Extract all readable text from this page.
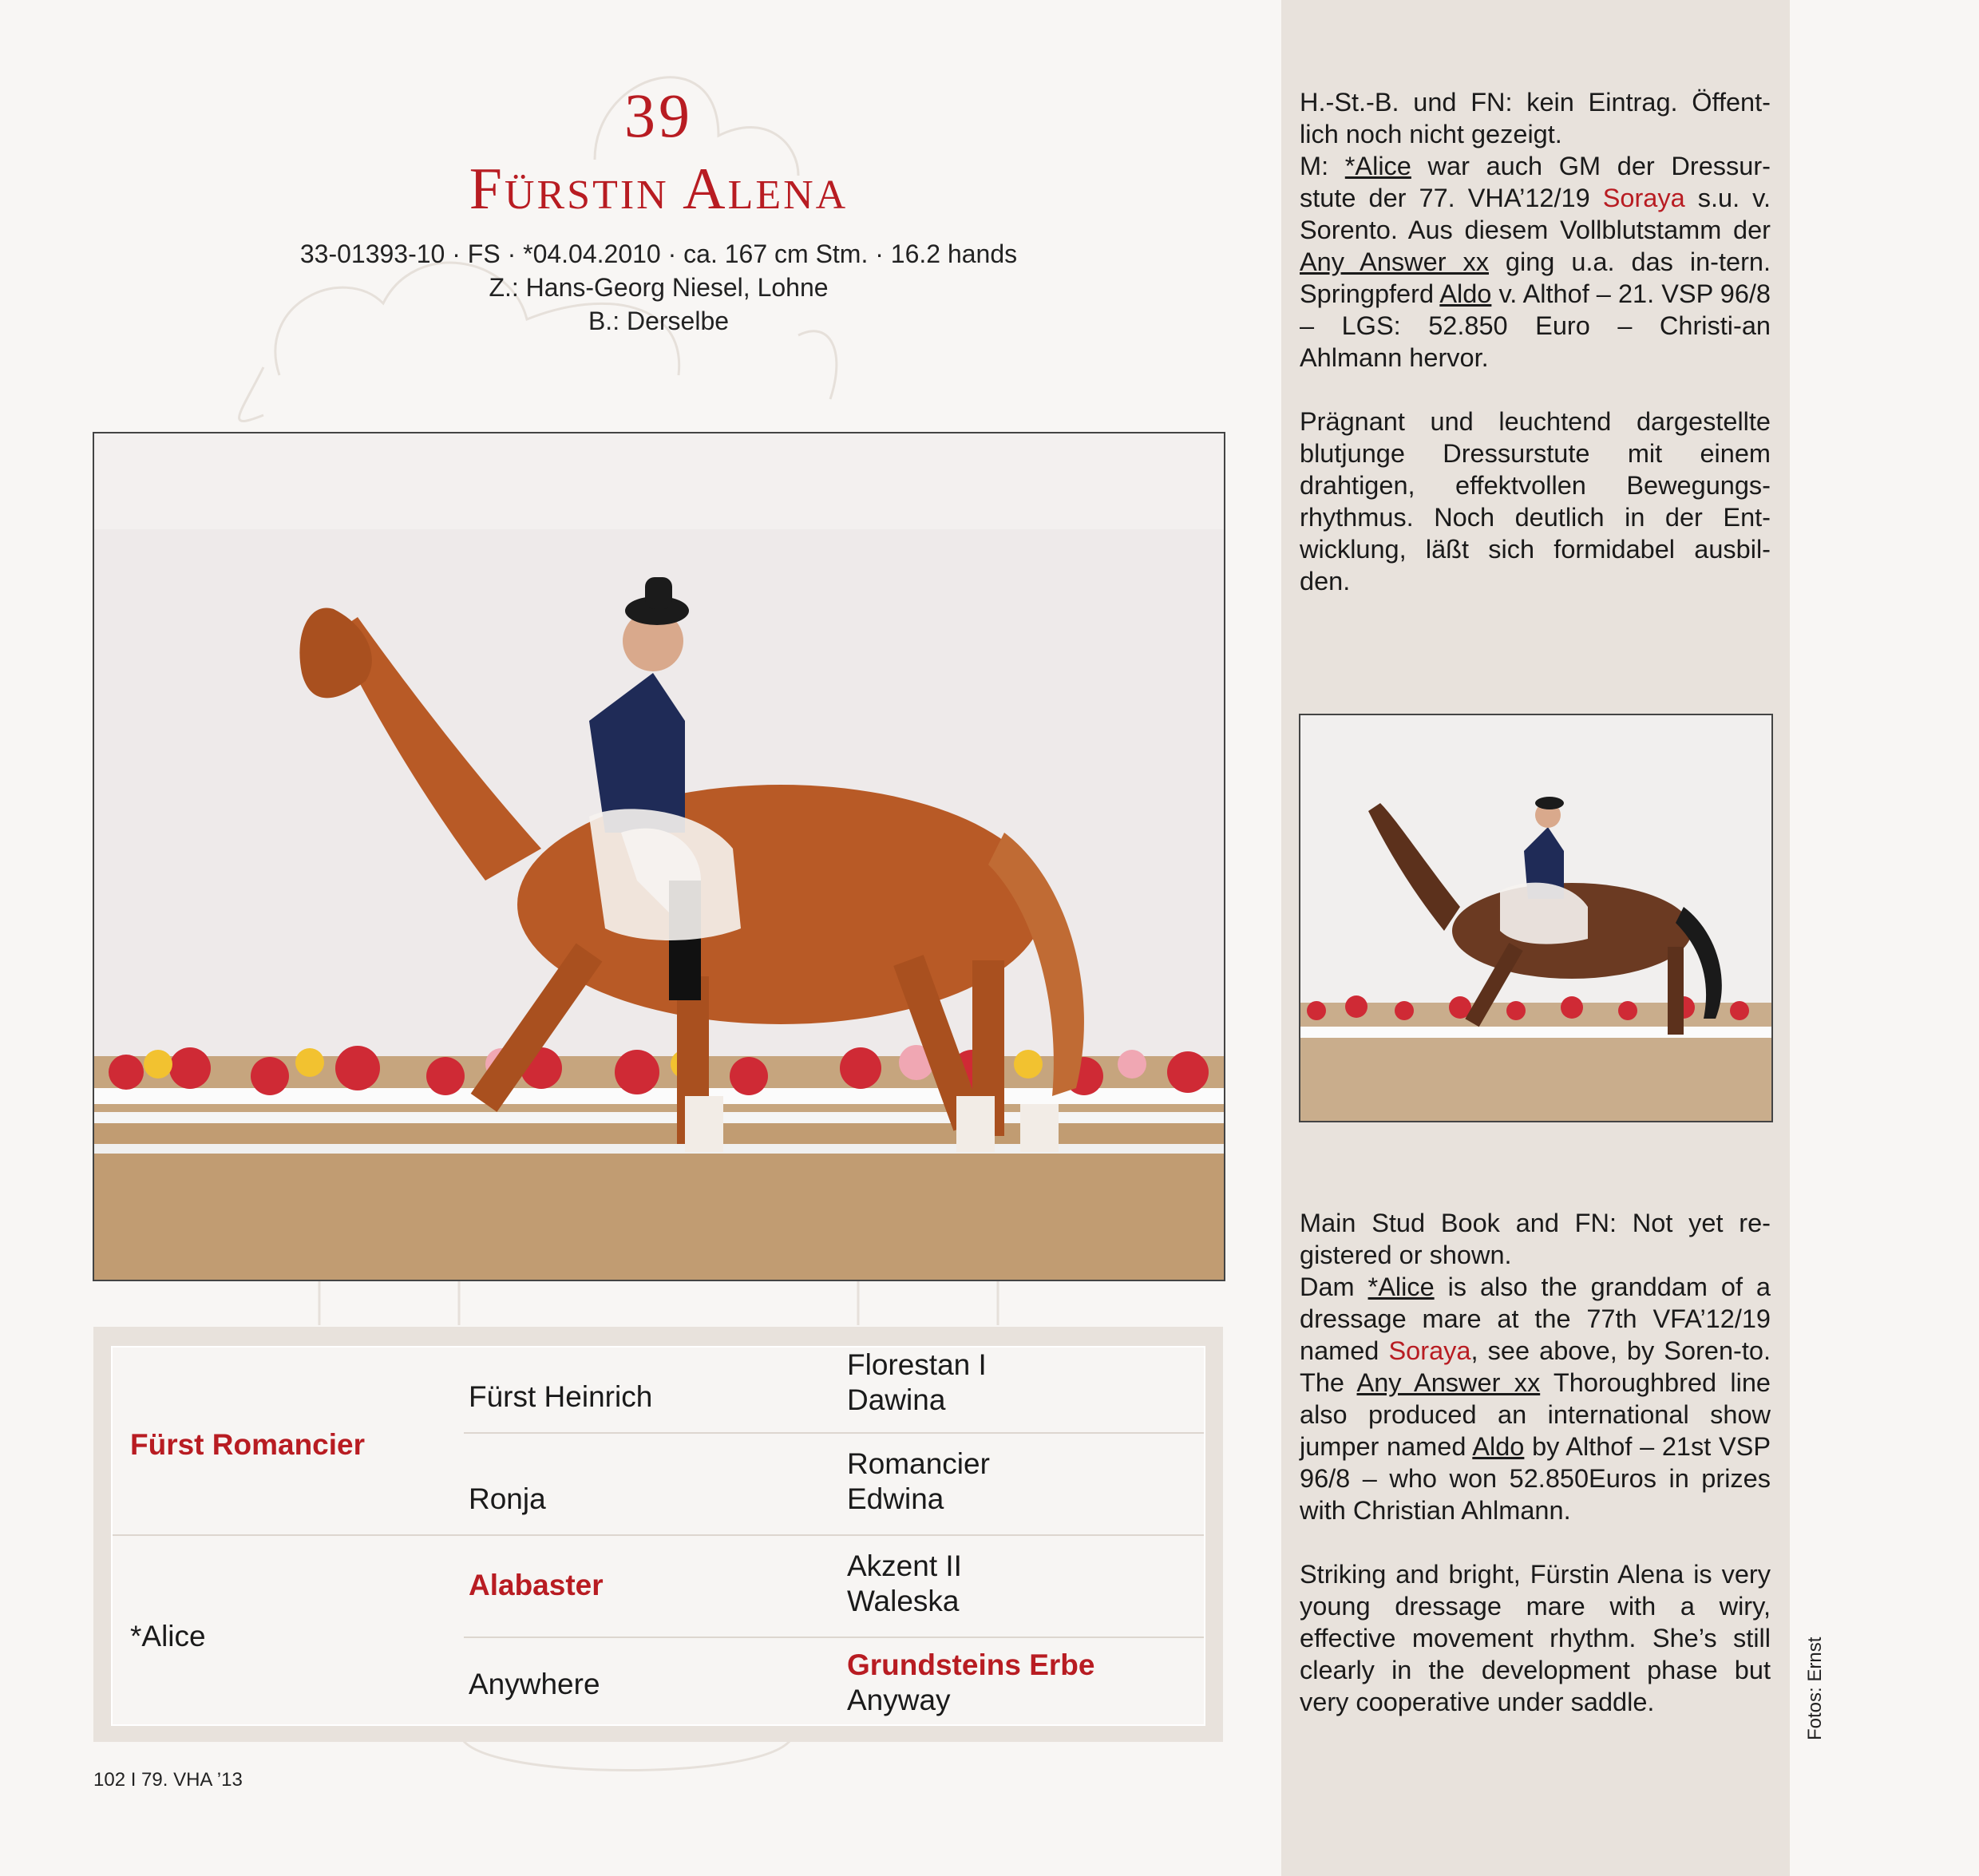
39
Fürstin Alena
33-01393-10 · FS · *04.04.2010 · ca. 167 cm Stm. · 16.2 hands
Z.: Hans-Georg Niesel, Lohne
B.: Derselbe
Fürst Romancier
Fürst Heinrich
Florestan I
Dawina
Ronja
Romancier
Edwina
*Alice
Alabaster
Akzent II
Waleska
Anywhere
Grundsteins Erbe
Anyway

H.-St.-B. und FN: kein Eintrag. Öffent-lich noch nicht gezeigt.

M: *Alice war auch GM der Dressur-stute der 77. VHA’12/19 Soraya s.u. v. Sorento. Aus diesem Vollblutstamm der Any Answer xx ging u.a. das in-tern. Springpferd Aldo v. Althof – 21. VSP 96/8 – LGS: 52.850 Euro – Christi-an Ahlmann hervor.

Prägnant und leuchtend dargestellte blutjunge Dressurstute mit einem drahtigen, effektvollen Bewegungs-rhythmus. Noch deutlich in der Ent-wicklung, läßt sich formidabel ausbil-den.

Main Stud Book and FN: Not yet re-gistered or shown.

Dam *Alice is also the granddam of a dressage mare at the 77th VFA’12/19 named Soraya, see above, by Soren-to. The Any Answer xx Thoroughbred line also produced an international show jumper named Aldo by Althof – 21st VSP 96/8 – who won 52.850Euros in prizes with Christian Ahlmann.

Striking and bright, Fürstin Alena is very young dressage mare with a wiry, effective movement rhythm. She’s still clearly in the development phase but very cooperative under saddle.

102 I 79. VHA ’13
Fotos: Ernst
